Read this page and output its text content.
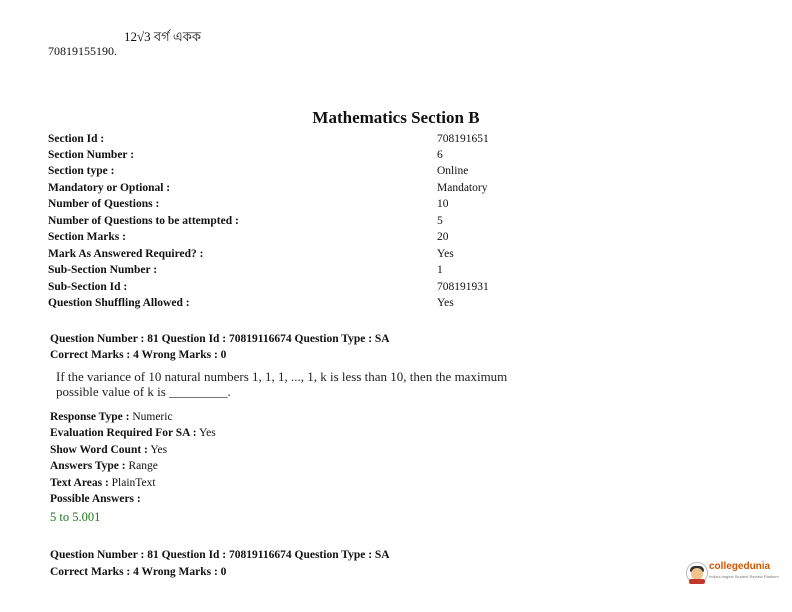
70819155190.
12√3 বর্গ একক
Mathematics Section B
Section Id :	708191651
Section Number :	6
Section type :	Online
Mandatory or Optional :	Mandatory
Number of Questions :	10
Number of Questions to be attempted :	5
Section Marks :	20
Mark As Answered Required? :	Yes
Sub-Section Number :	1
Sub-Section Id :	708191931
Question Shuffling Allowed :	Yes
Question Number : 81 Question Id : 70819116674 Question Type : SA
Correct Marks : 4 Wrong Marks : 0
If the variance of 10 natural numbers 1, 1, 1, ..., 1, k is less than 10, then the maximum
possible value of k is _________.
Response Type : Numeric
Evaluation Required For SA : Yes
Show Word Count : Yes
Answers Type : Range
Text Areas : PlainText
Possible Answers :
5 to 5.001
Question Number : 81 Question Id : 70819116674 Question Type : SA
Correct Marks : 4 Wrong Marks : 0	collegedunia
India's largest Student Review Platform
